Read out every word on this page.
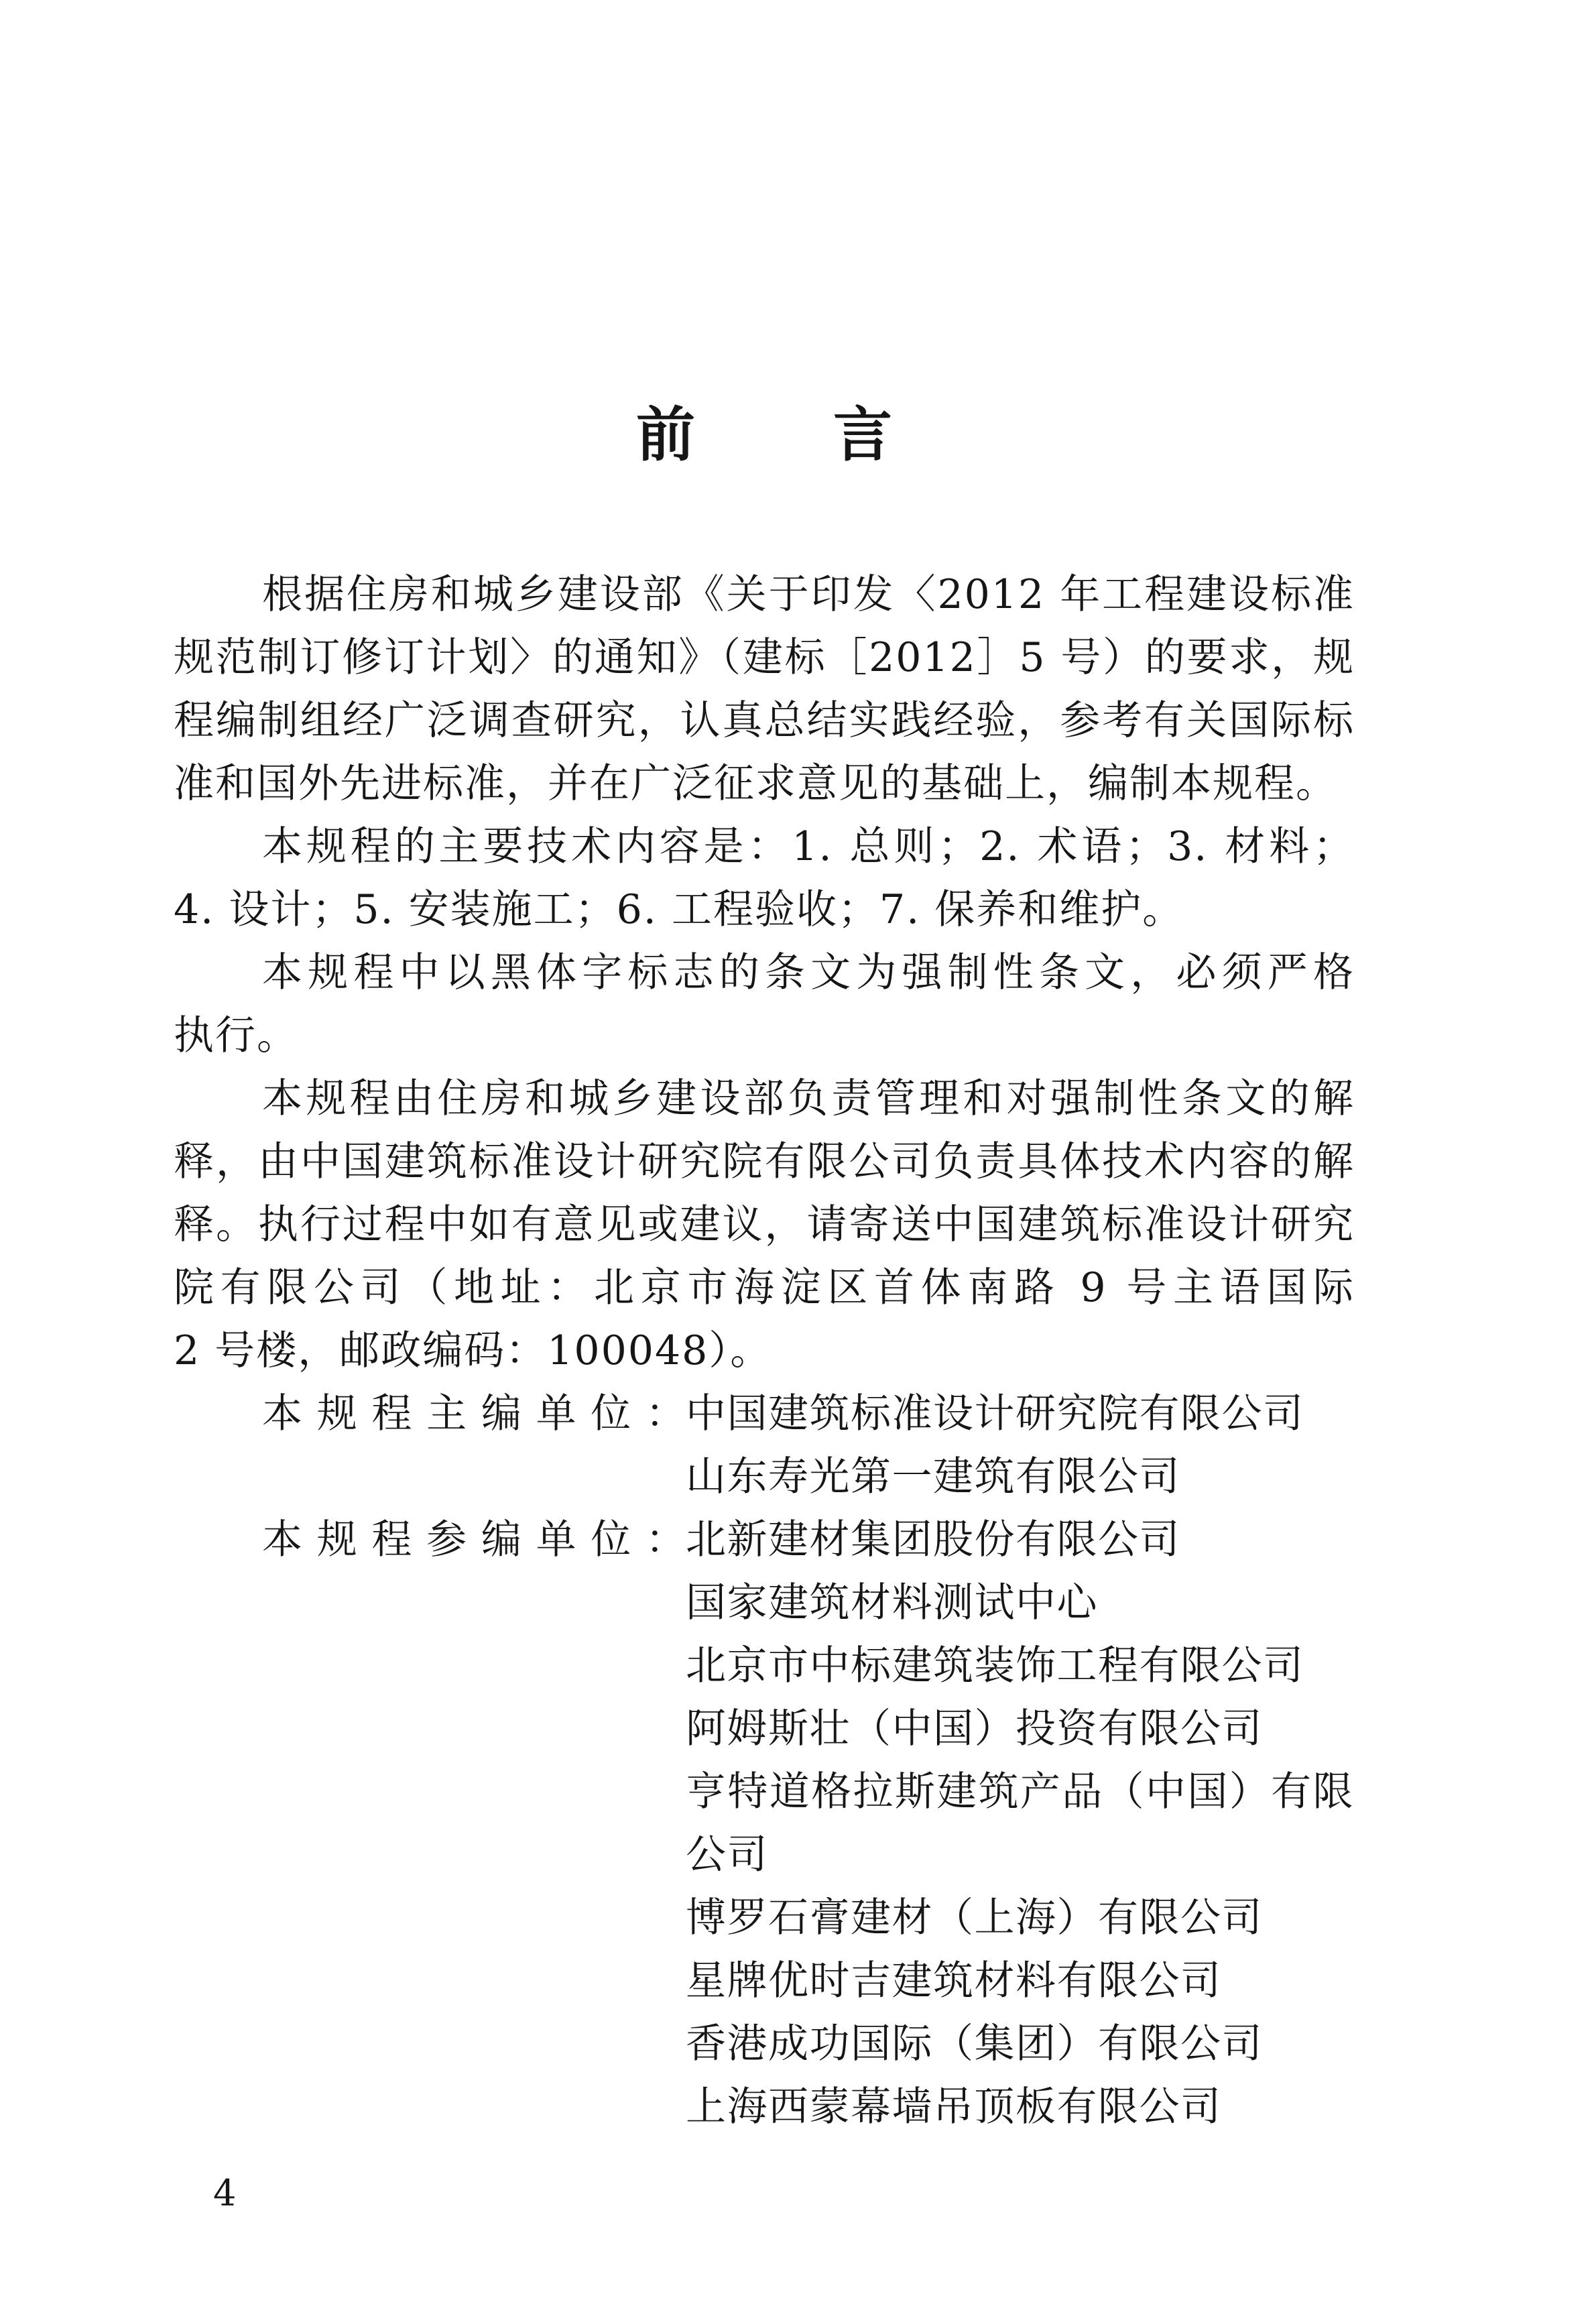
前言
根据住房和城乡建设部《关于印发〈2012 年工程建设标准
规范制订修订计划〉的通知》（建标［2012］5 号）的要求，规
程编制组经广泛调查研究，认真总结实践经验，参考有关国际标
准和国外先进标准，并在广泛征求意见的基础上，编制本规程。
本规程的主要技术内容是：1. 总则；2. 术语；3. 材料；
4. 设计；5. 安装施工；6. 工程验收；7. 保养和维护。
本规程中以黑体字标志的条文为强制性条文，必须严格
执行。
本规程由住房和城乡建设部负责管理和对强制性条文的解
释，由中国建筑标准设计研究院有限公司负责具体技术内容的解
释。执行过程中如有意见或建议，请寄送中国建筑标准设计研究
院有限公司（地址：北京市海淀区首体南路 9 号主语国际
2 号楼，邮政编码：100048）。
本规程主编单位： 中国建筑标准设计研究院有限公司
山东寿光第一建筑有限公司
本规程参编单位： 北新建材集团股份有限公司
国家建筑材料测试中心
北京市中标建筑装饰工程有限公司
阿姆斯壮（中国）投资有限公司
亨特道格拉斯建筑产品（中国）有限公司
博罗石膏建材（上海）有限公司
星牌优时吉建筑材料有限公司
香港成功国际（集团）有限公司
上海西蒙幕墙吊顶板有限公司
4
